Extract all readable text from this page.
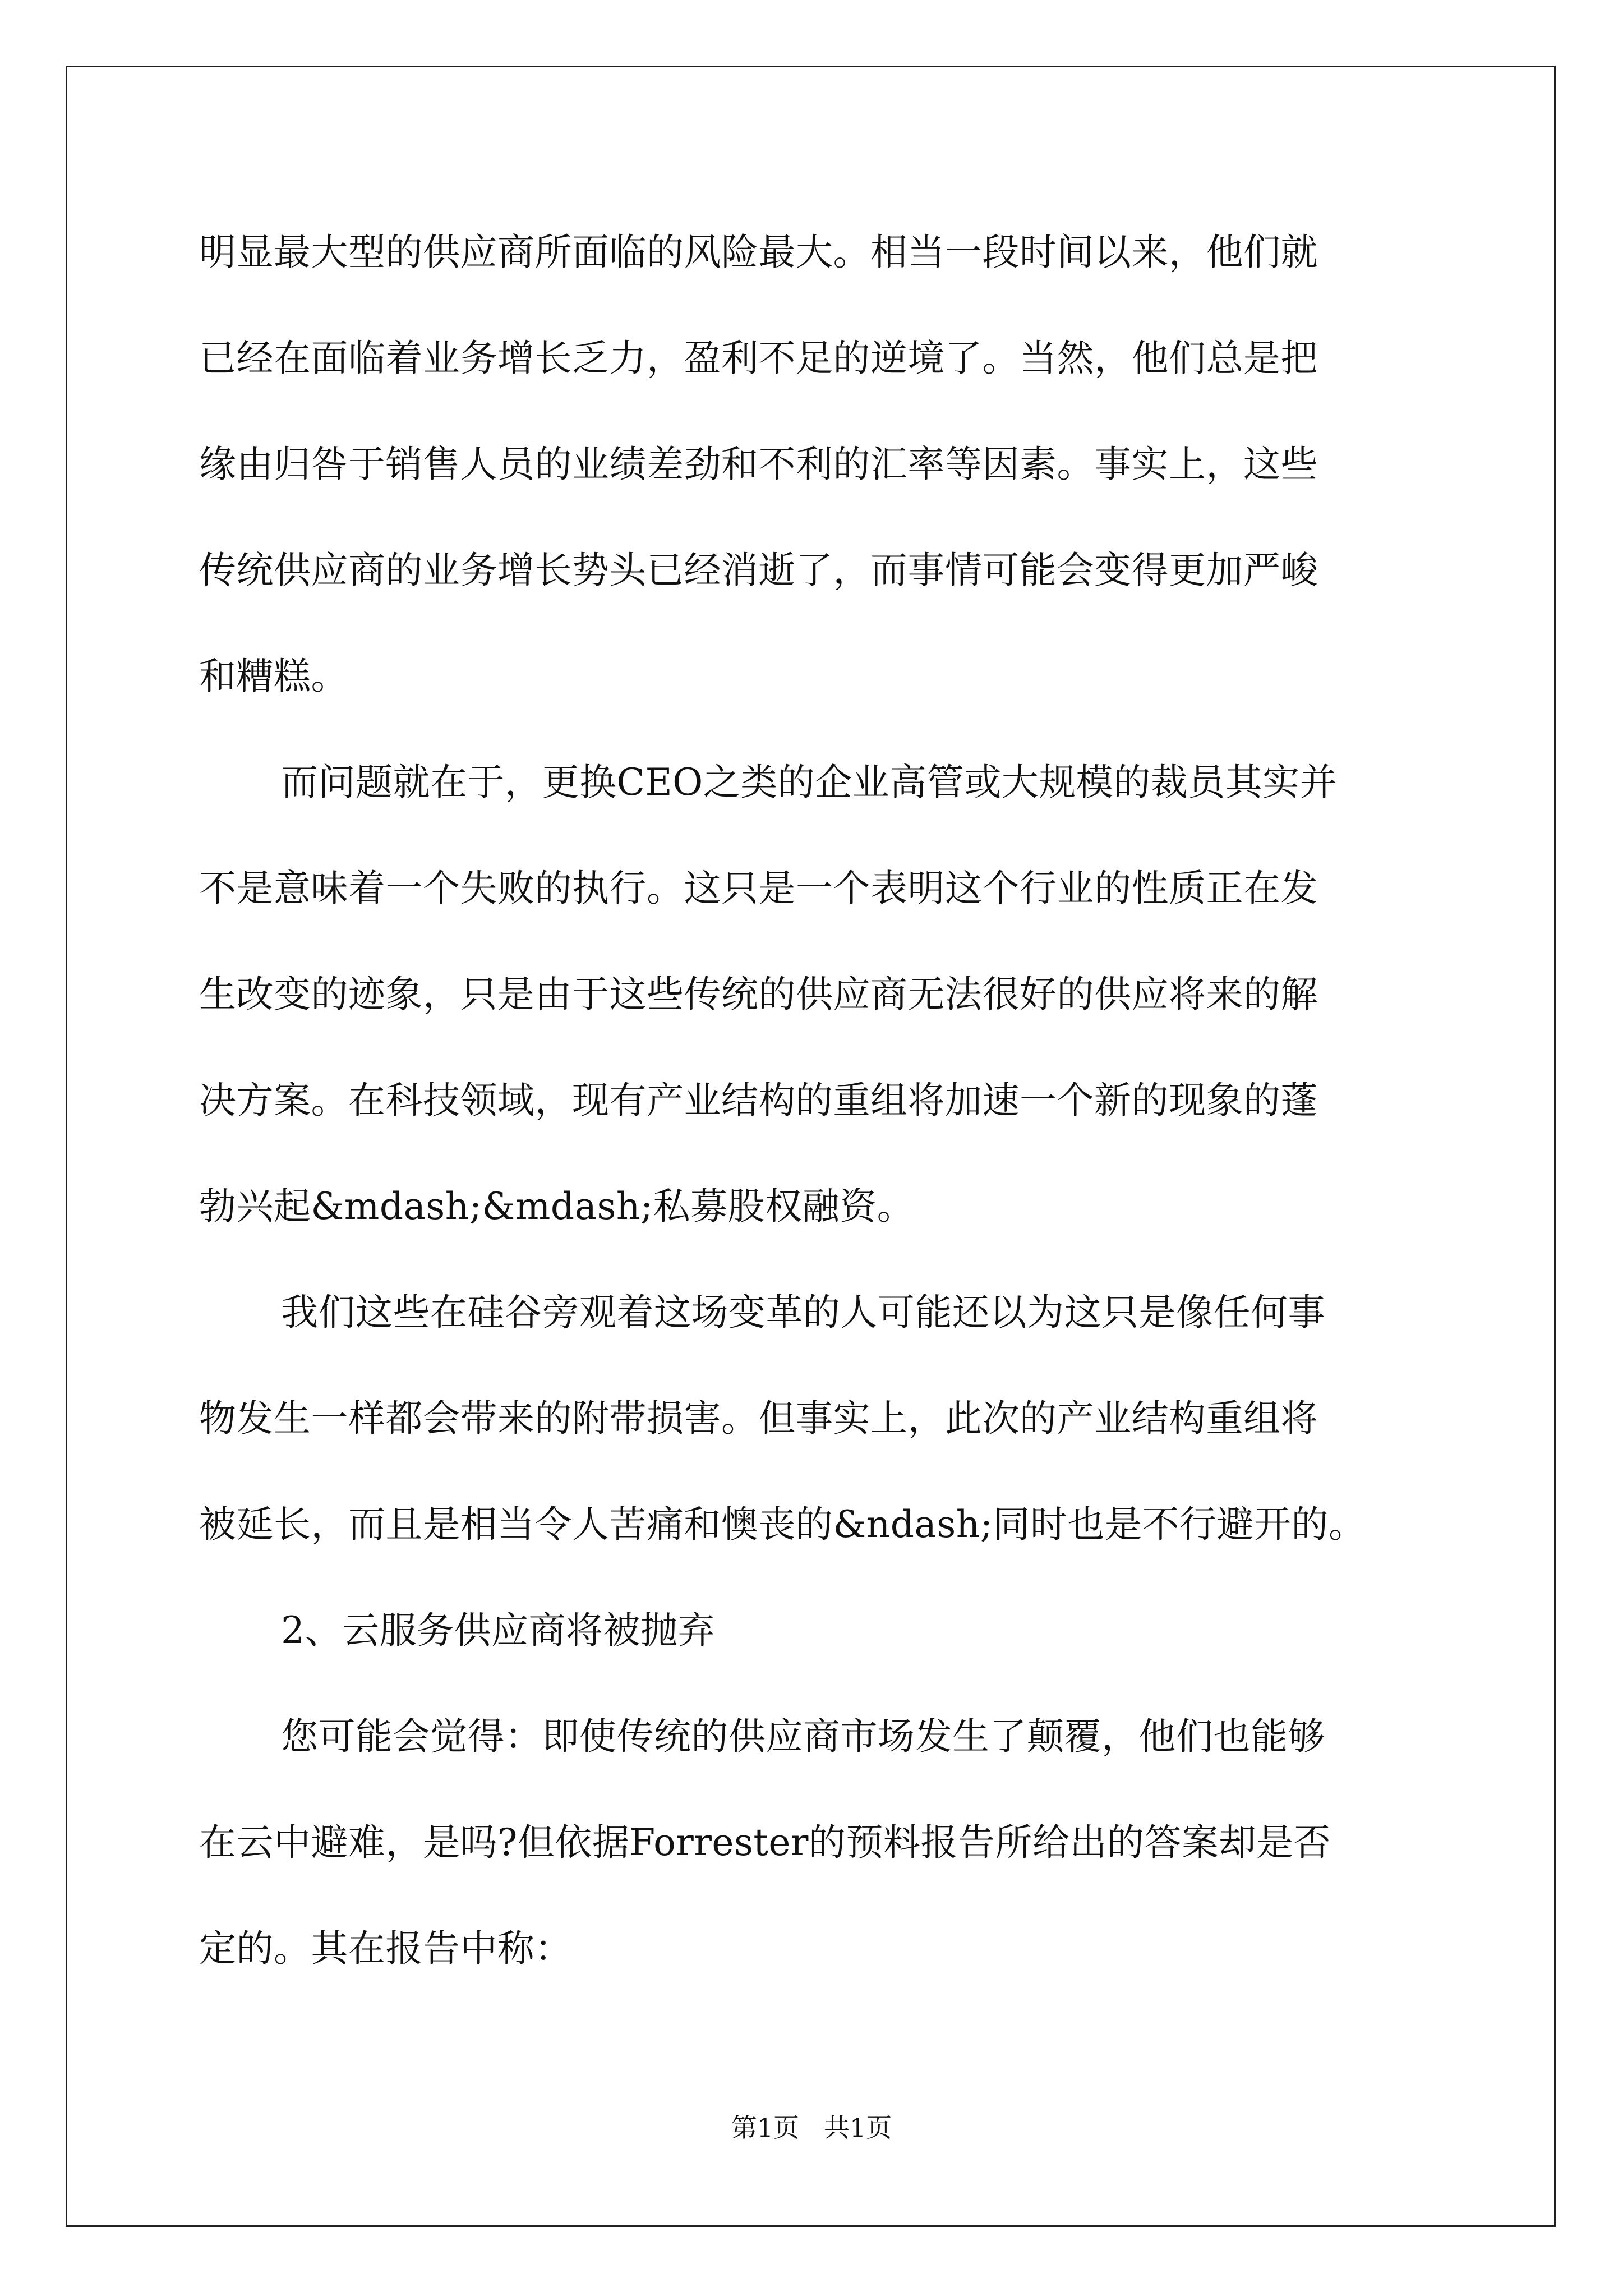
明显最大型的供应商所面临的风险最大。相当一段时间以来，他们就
已经在面临着业务增长乏力，盈利不足的逆境了。当然，他们总是把
缘由归咎于销售人员的业绩差劲和不利的汇率等因素。事实上，这些
传统供应商的业务增长势头已经消逝了，而事情可能会变得更加严峻
和糟糕。
而问题就在于，更换CEO之类的企业高管或大规模的裁员其实并
不是意味着一个失败的执行。这只是一个表明这个行业的性质正在发
生改变的迹象，只是由于这些传统的供应商无法很好的供应将来的解
决方案。在科技领域，现有产业结构的重组将加速一个新的现象的蓬
勃兴起&mdash;&mdash;私募股权融资。
我们这些在硅谷旁观着这场变革的人可能还以为这只是像任何事
物发生一样都会带来的附带损害。但事实上，此次的产业结构重组将
被延长，而且是相当令人苦痛和懊丧的&ndash;同时也是不行避开的。
2、云服务供应商将被抛弃
您可能会觉得：即使传统的供应商市场发生了颠覆，他们也能够
在云中避难，是吗?但依据Forrester的预料报告所给出的答案却是否
定的。其在报告中称：
第1页 共1页
